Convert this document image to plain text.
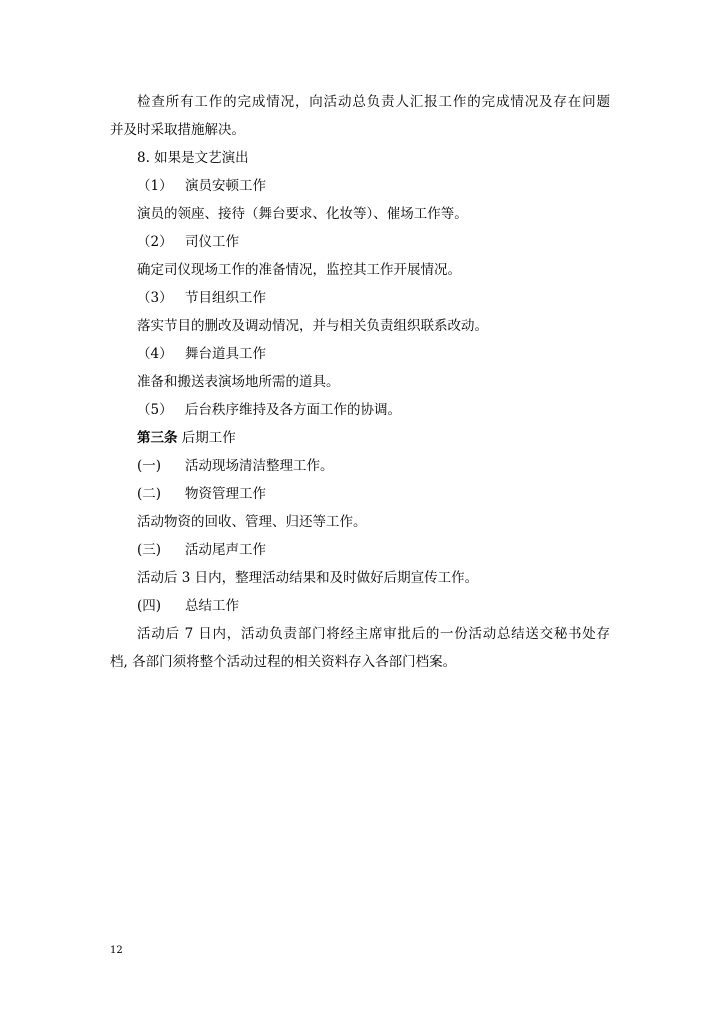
检查所有工作的完成情况，向活动总负责人汇报工作的完成情况及存在问题
并及时采取措施解决。
8. 如果是文艺演出
（1） 演员安顿工作
演员的领座、接待（舞台要求、化妆等）、催场工作等。
（2） 司仪工作
确定司仪现场工作的准备情况，监控其工作开展情况。
（3） 节目组织工作
落实节目的删改及调动情况，并与相关负责组织联系改动。
（4） 舞台道具工作
准备和搬送表演场地所需的道具。
（5） 后台秩序维持及各方面工作的协调。
第三条 后期工作
(一) 活动现场清洁整理工作。
(二) 物资管理工作
活动物资的回收、管理、归还等工作。
(三) 活动尾声工作
活动后 3 日内，整理活动结果和及时做好后期宣传工作。
(四) 总结工作
活动后 7 日内，活动负责部门将经主席审批后的一份活动总结送交秘书处存
档, 各部门须将整个活动过程的相关资料存入各部门档案。
12
